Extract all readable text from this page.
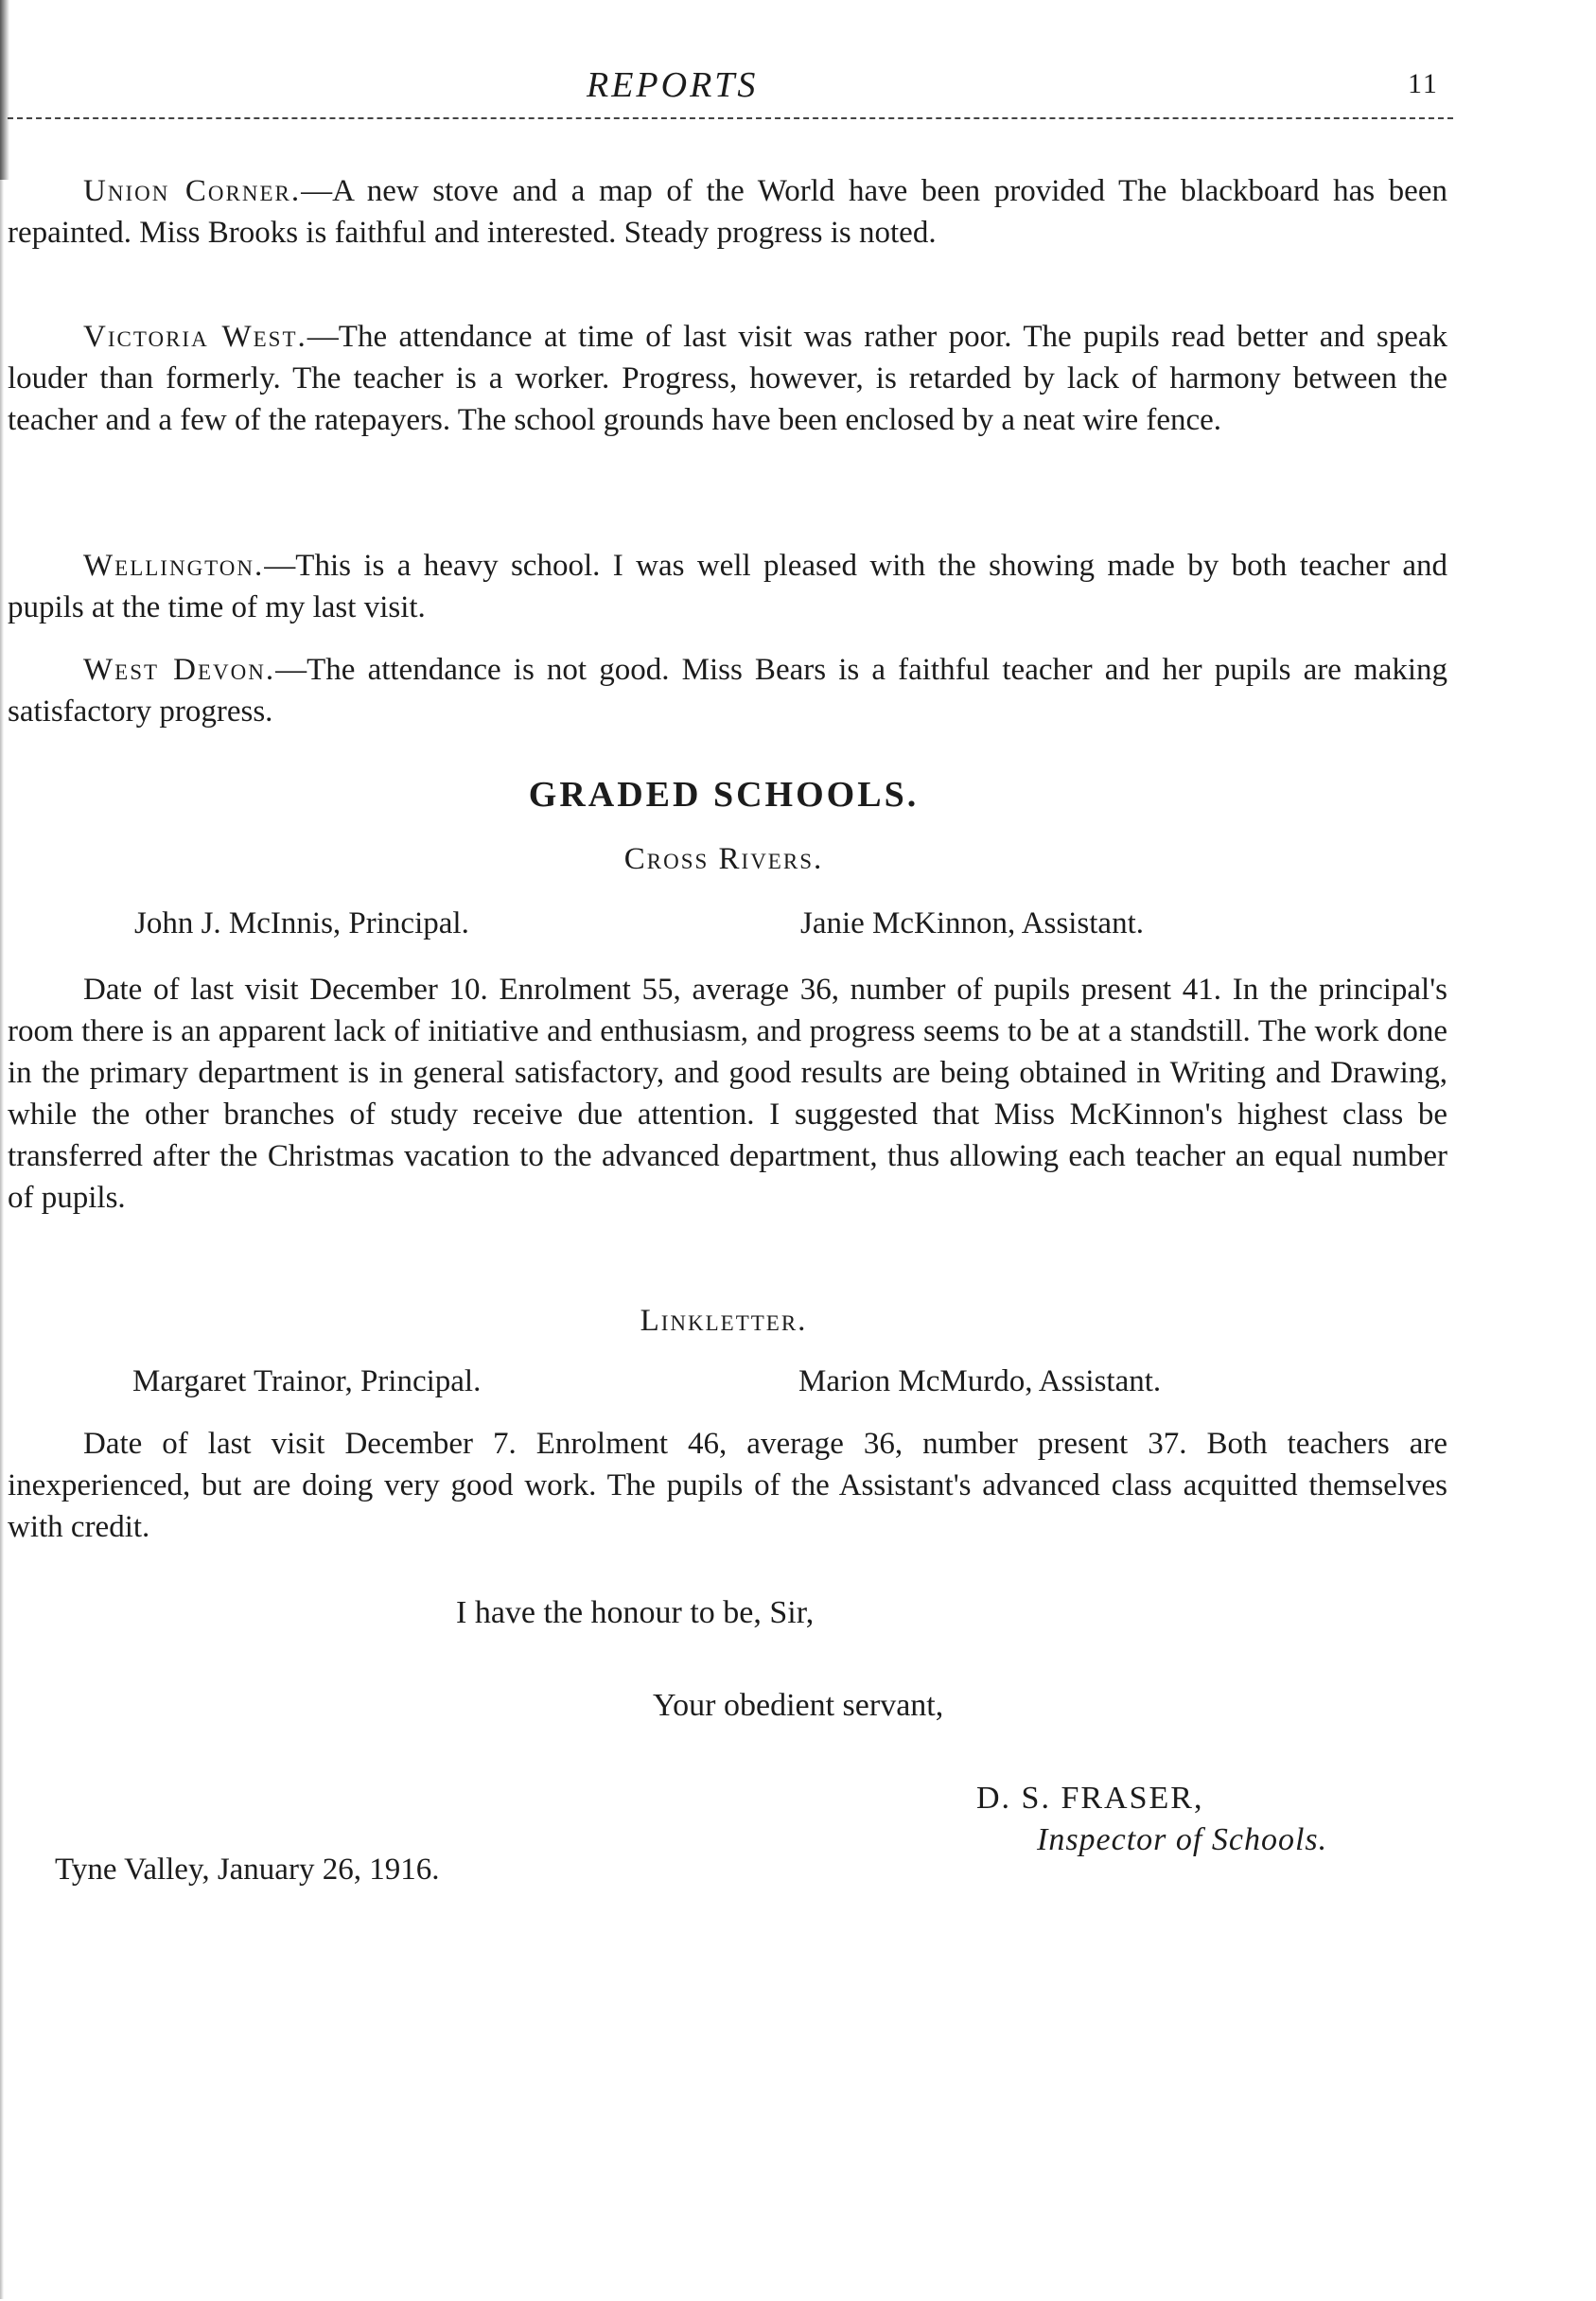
REPORTS	11

Union Corner.—A new stove and a map of the World have been provided The blackboard has been repainted. Miss Brooks is faithful and interested. Steady progress is noted.

Victoria West.—The attendance at time of last visit was rather poor. The pupils read better and speak louder than formerly. The teacher is a worker. Progress, however, is retarded by lack of harmony between the teacher and a few of the ratepayers. The school grounds have been enclosed by a neat wire fence.

Wellington.—This is a heavy school. I was well pleased with the showing made by both teacher and pupils at the time of my last visit.

West Devon.—The attendance is not good. Miss Bears is a faithful teacher and her pupils are making satisfactory progress.

GRADED SCHOOLS.
Cross Rivers.
John J. McInnis, Principal.	Janie McKinnon, Assistant.

Date of last visit December 10. Enrolment 55, average 36, number of pupils present 41. In the principal's room there is an apparent lack of initiative and enthusiasm, and progress seems to be at a standstill. The work done in the primary department is in general satisfactory, and good results are being obtained in Writing and Drawing, while the other branches of study receive due attention. I suggested that Miss McKinnon's highest class be transferred after the Christmas vacation to the advanced department, thus allowing each teacher an equal number of pupils.

Linkletter.
Margaret Trainor, Principal.	Marion McMurdo, Assistant.

Date of last visit December 7. Enrolment 46, average 36, number present 37. Both teachers are inexperienced, but are doing very good work. The pupils of the Assistant's advanced class acquitted themselves with credit.

I have the honour to be, Sir,
Your obedient servant,
D. S. FRASER,
Inspector of Schools.
Tyne Valley, January 26, 1916.
